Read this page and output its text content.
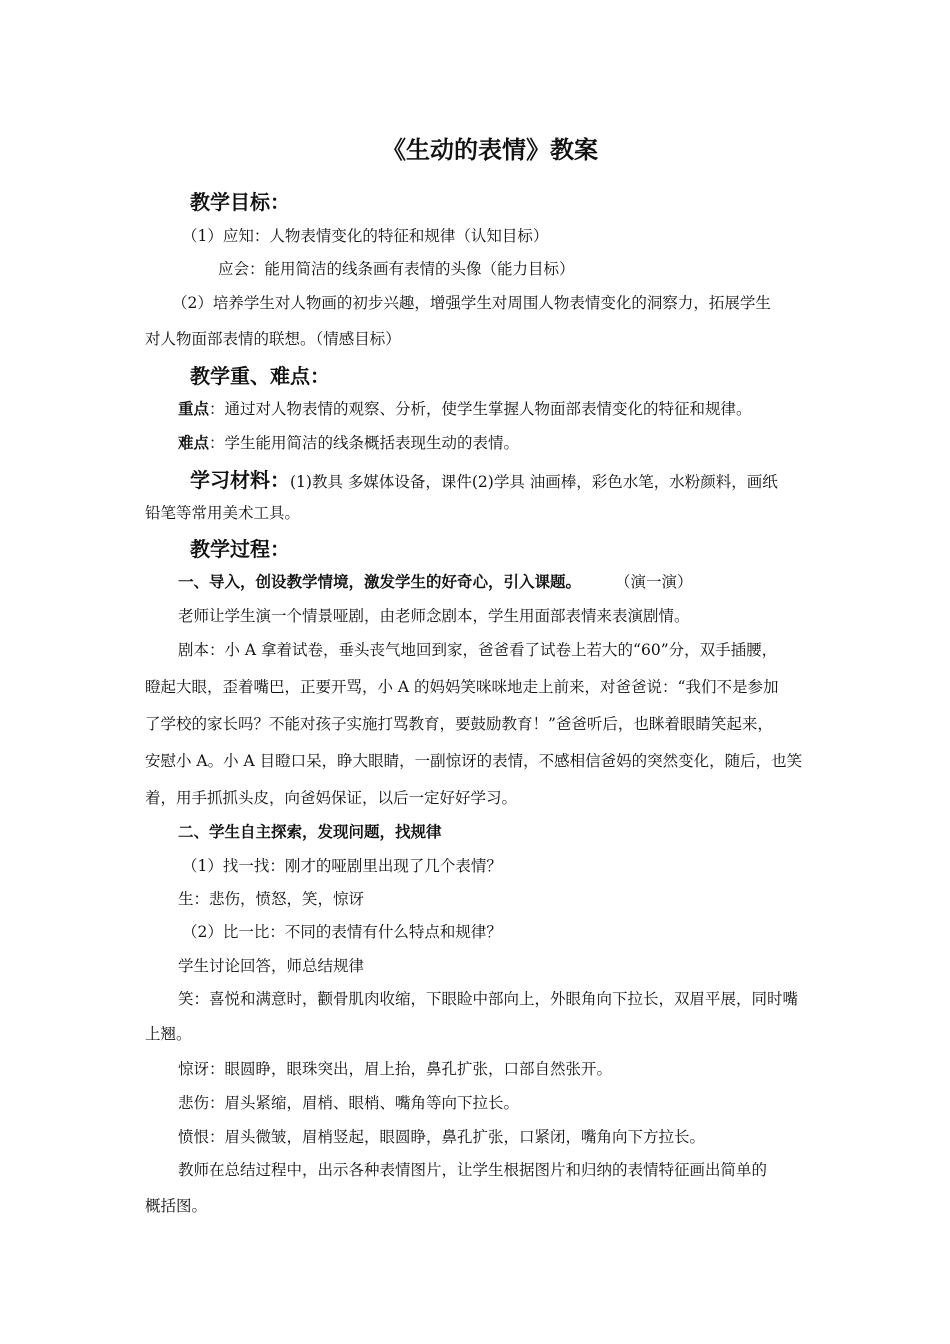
《生动的表情》教案
教学目标：
（1）应知：人物表情变化的特征和规律（认知目标）
应会：能用简洁的线条画有表情的头像（能力目标）
（2）培养学生对人物画的初步兴趣，增强学生对周围人物表情变化的洞察力，拓展学生
对人物面部表情的联想。（情感目标）
教学重、难点：
重点：通过对人物表情的观察、分析，使学生掌握人物面部表情变化的特征和规律。
难点：学生能用简洁的线条概括表现生动的表情。
学习材料：(1)教具 多媒体设备，课件(2)学具 油画棒，彩色水笔，水粉颜料，画纸
铅笔等常用美术工具。
教学过程：
一、导入，创设教学情境，激发学生的好奇心，引入课题。 （演一演）
老师让学生演一个情景哑剧，由老师念剧本，学生用面部表情来表演剧情。
剧本：小 A 拿着试卷，垂头丧气地回到家，爸爸看了试卷上若大的“60”分，双手插腰，
瞪起大眼，歪着嘴巴，正要开骂，小 A 的妈妈笑咪咪地走上前来，对爸爸说：“我们不是参加
了学校的家长吗？不能对孩子实施打骂教育，要鼓励教育！”爸爸听后，也眯着眼睛笑起来，
安慰小 A。小 A 目瞪口呆，睁大眼睛，一副惊讶的表情，不感相信爸妈的突然变化，随后，也笑
着，用手抓抓头皮，向爸妈保证，以后一定好好学习。
二、学生自主探索，发现问题，找规律
（1）找一找：刚才的哑剧里出现了几个表情？
生：悲伤，愤怒，笑，惊讶
（2）比一比：不同的表情有什么特点和规律？
学生讨论回答，师总结规律
笑：喜悦和满意时，颧骨肌肉收缩，下眼睑中部向上，外眼角向下拉长，双眉平展，同时嘴
上翘。
惊讶：眼圆睁，眼珠突出，眉上抬，鼻孔扩张，口部自然张开。
悲伤：眉头紧缩，眉梢、眼梢、嘴角等向下拉长。
愤恨：眉头微皱，眉梢竖起，眼圆睁，鼻孔扩张，口紧闭，嘴角向下方拉长。
教师在总结过程中，出示各种表情图片，让学生根据图片和归纳的表情特征画出简单的
概括图。
